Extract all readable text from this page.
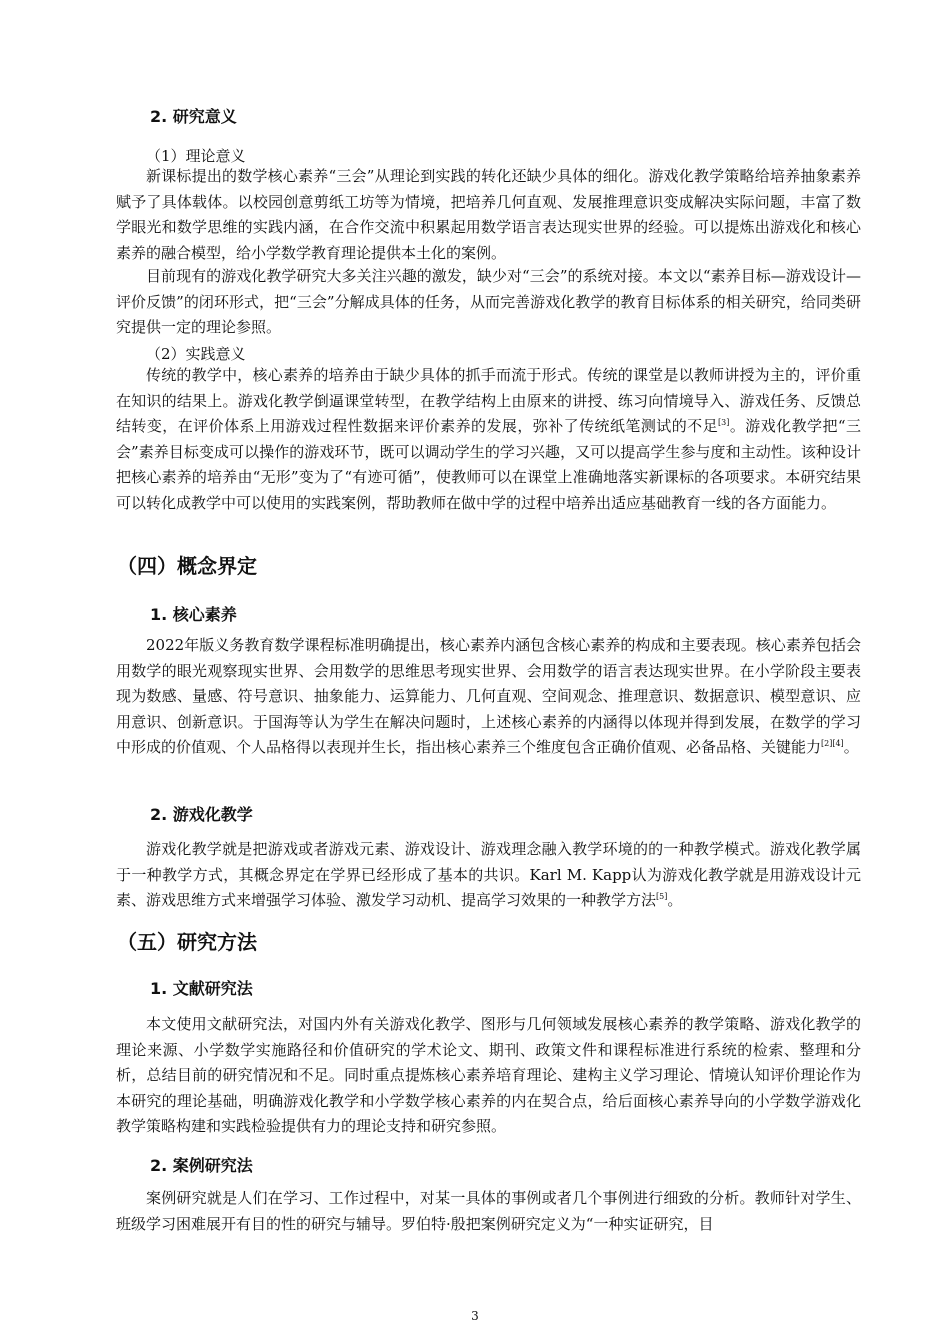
2. 研究意义
（1）理论意义

新课标提出的数学核心素养“三会”从理论到实践的转化还缺少具体的细化。游戏化教学策略给培养抽象素养赋予了具体载体。以校园创意剪纸工坊等为情境，把培养几何直观、发展推理意识变成解决实际问题，丰富了数学眼光和数学思维的实践内涵，在合作交流中积累起用数学语言表达现实世界的经验。可以提炼出游戏化和核心素养的融合模型，给小学数学教育理论提供本土化的案例。

目前现有的游戏化教学研究大多关注兴趣的激发，缺少对“三会”的系统对接。本文以“素养目标—游戏设计—评价反馈”的闭环形式，把“三会”分解成具体的任务，从而完善游戏化教学的教育目标体系的相关研究，给同类研究提供一定的理论参照。

（2）实践意义

传统的教学中，核心素养的培养由于缺少具体的抓手而流于形式。传统的课堂是以教师讲授为主的，评价重在知识的结果上。游戏化教学倒逼课堂转型，在教学结构上由原来的讲授、练习向情境导入、游戏任务、反馈总结转变，在评价体系上用游戏过程性数据来评价素养的发展，弥补了传统纸笔测试的不足[3]。游戏化教学把“三会”素养目标变成可以操作的游戏环节，既可以调动学生的学习兴趣，又可以提高学生参与度和主动性。该种设计把核心素养的培养由“无形”变为了“有迹可循”，使教师可以在课堂上准确地落实新课标的各项要求。本研究结果可以转化成教学中可以使用的实践案例，帮助教师在做中学的过程中培养出适应基础教育一线的各方面能力。

（四）概念界定
1. 核心素养

2022年版义务教育数学课程标准明确提出，核心素养内涵包含核心素养的构成和主要表现。核心素养包括会用数学的眼光观察现实世界、会用数学的思维思考现实世界、会用数学的语言表达现实世界。在小学阶段主要表现为数感、量感、符号意识、抽象能力、运算能力、几何直观、空间观念、推理意识、数据意识、模型意识、应用意识、创新意识。于国海等认为学生在解决问题时，上述核心素养的内涵得以体现并得到发展，在数学的学习中形成的价值观、个人品格得以表现并生长，指出核心素养三个维度包含正确价值观、必备品格、关键能力[2][4]。

2. 游戏化教学

游戏化教学就是把游戏或者游戏元素、游戏设计、游戏理念融入教学环境的的一种教学模式。游戏化教学属于一种教学方式，其概念界定在学界已经形成了基本的共识。Karl M. Kapp认为游戏化教学就是用游戏设计元素、游戏思维方式来增强学习体验、激发学习动机、提高学习效果的一种教学方法[5]。

（五）研究方法
1. 文献研究法

本文使用文献研究法，对国内外有关游戏化教学、图形与几何领域发展核心素养的教学策略、游戏化教学的理论来源、小学数学实施路径和价值研究的学术论文、期刊、政策文件和课程标准进行系统的检索、整理和分析，总结目前的研究情况和不足。同时重点提炼核心素养培育理论、建构主义学习理论、情境认知评价理论作为本研究的理论基础，明确游戏化教学和小学数学核心素养的内在契合点，给后面核心素养导向的小学数学游戏化教学策略构建和实践检验提供有力的理论支持和研究参照。

2. 案例研究法

案例研究就是人们在学习、工作过程中，对某一具体的事例或者几个事例进行细致的分析。教师针对学生、班级学习困难展开有目的性的研究与辅导。罗伯特·殷把案例研究定义为“一种实证研究，目

3
